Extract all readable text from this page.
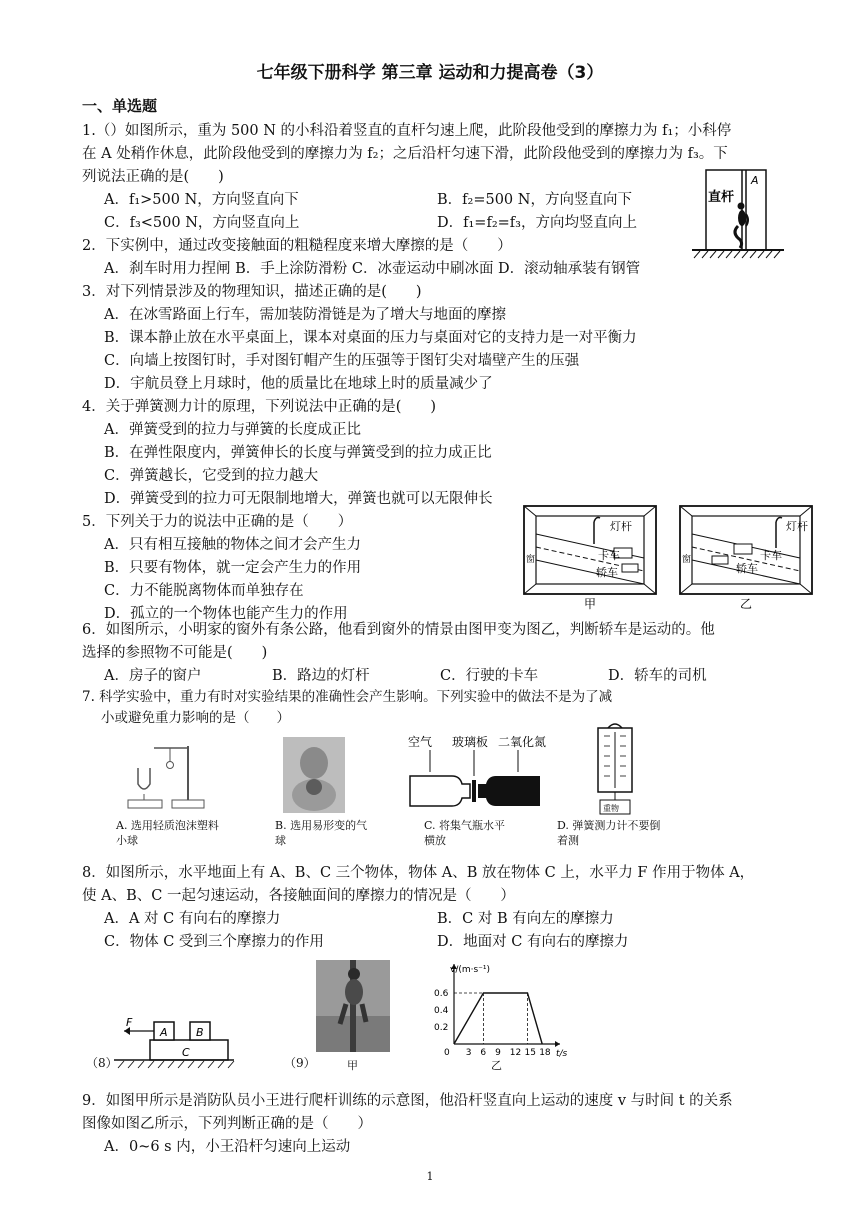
七年级下册科学 第三章 运动和力提高卷（3）
一、单选题
1.（）如图所示，重为 500 N 的小科沿着竖直的直杆匀速上爬，此阶段他受到的摩擦力为 f₁；小科停
在 A 处稍作休息，此阶段他受到的摩擦力为 f₂；之后沿杆匀速下滑，此阶段他受到的摩擦力为 f₃。下
列说法正确的是(　　)
A．f₁>500 N，方向竖直向下	B．f₂=500 N，方向竖直向下
C．f₃<500 N，方向竖直向上	D．f₁=f₂=f₃，方向均竖直向上
直杆
A
2．下实例中，通过改变接触面的粗糙程度来增大摩擦的是（　　）
A．刹车时用力捏闸 B．手上涂防滑粉 C．冰壶运动中刷冰面 D．滚动轴承装有钢管
3．对下列情景涉及的物理知识，描述正确的是(　　)
A．在冰雪路面上行车，需加装防滑链是为了增大与地面的摩擦
B．课本静止放在水平桌面上，课本对桌面的压力与桌面对它的支持力是一对平衡力
C．向墙上按图钉时，手对图钉帽产生的压强等于图钉尖对墙壁产生的压强
D．宇航员登上月球时，他的质量比在地球上时的质量减少了
4．关于弹簧测力计的原理，下列说法中正确的是(　　)
A．弹簧受到的拉力与弹簧的长度成正比
B．在弹性限度内，弹簧伸长的长度与弹簧受到的拉力成正比
C．弹簧越长，它受到的拉力越大
D．弹簧受到的拉力可无限制地增大，弹簧也就可以无限伸长
5．下列关于力的说法中正确的是（　　）
A．只有相互接触的物体之间才会产生力
B．只要有物体，就一定会产生力的作用
C．力不能脱离物体而单独存在
D．孤立的一个物体也能产生力的作用
灯杆
卡车
轿车
窗
灯杆
卡车
轿车
窗
甲	乙
6．如图所示，小明家的窗外有条公路，他看到窗外的情景由图甲变为图乙，判断轿车是运动的。他
选择的参照物不可能是(　　)
A．房子的窗户	B．路边的灯杆	C．行驶的卡车	D．轿车的司机
7. 科学实验中，重力有时对实验结果的准确性会产生影响。下列实验中的做法不是为了减
小或避免重力影响的是（　　）
A. 选用轻质泡沫塑料小球
B. 选用易形变的气球
空气 玻璃板 二氧化氮
C. 将集气瓶水平横放
重物
D. 弹簧测力计不要倒着测
8．如图所示，水平地面上有 A、B、C 三个物体，物体 A、B 放在物体 C 上，水平力 F 作用于物体 A，
使 A、B、C 一起匀速运动，各接触面间的摩擦力的情况是（　　）
A．A 对 C 有向右的摩擦力	B．C 对 B 有向左的摩擦力
C．物体 C 受到三个摩擦力的作用	D．地面对 C 有向右的摩擦力
F
A	B
C
（8）	（9）	甲
v/(m·s⁻¹)
t/s
0 3 6 9 12 15 18
0.2
0.4
0.6
乙
9．如图甲所示是消防队员小王进行爬杆训练的示意图，他沿杆竖直向上运动的速度 v 与时间 t 的关系
图像如图乙所示，下列判断正确的是（　　）
A．0~6 s 内，小王沿杆匀速向上运动
1
